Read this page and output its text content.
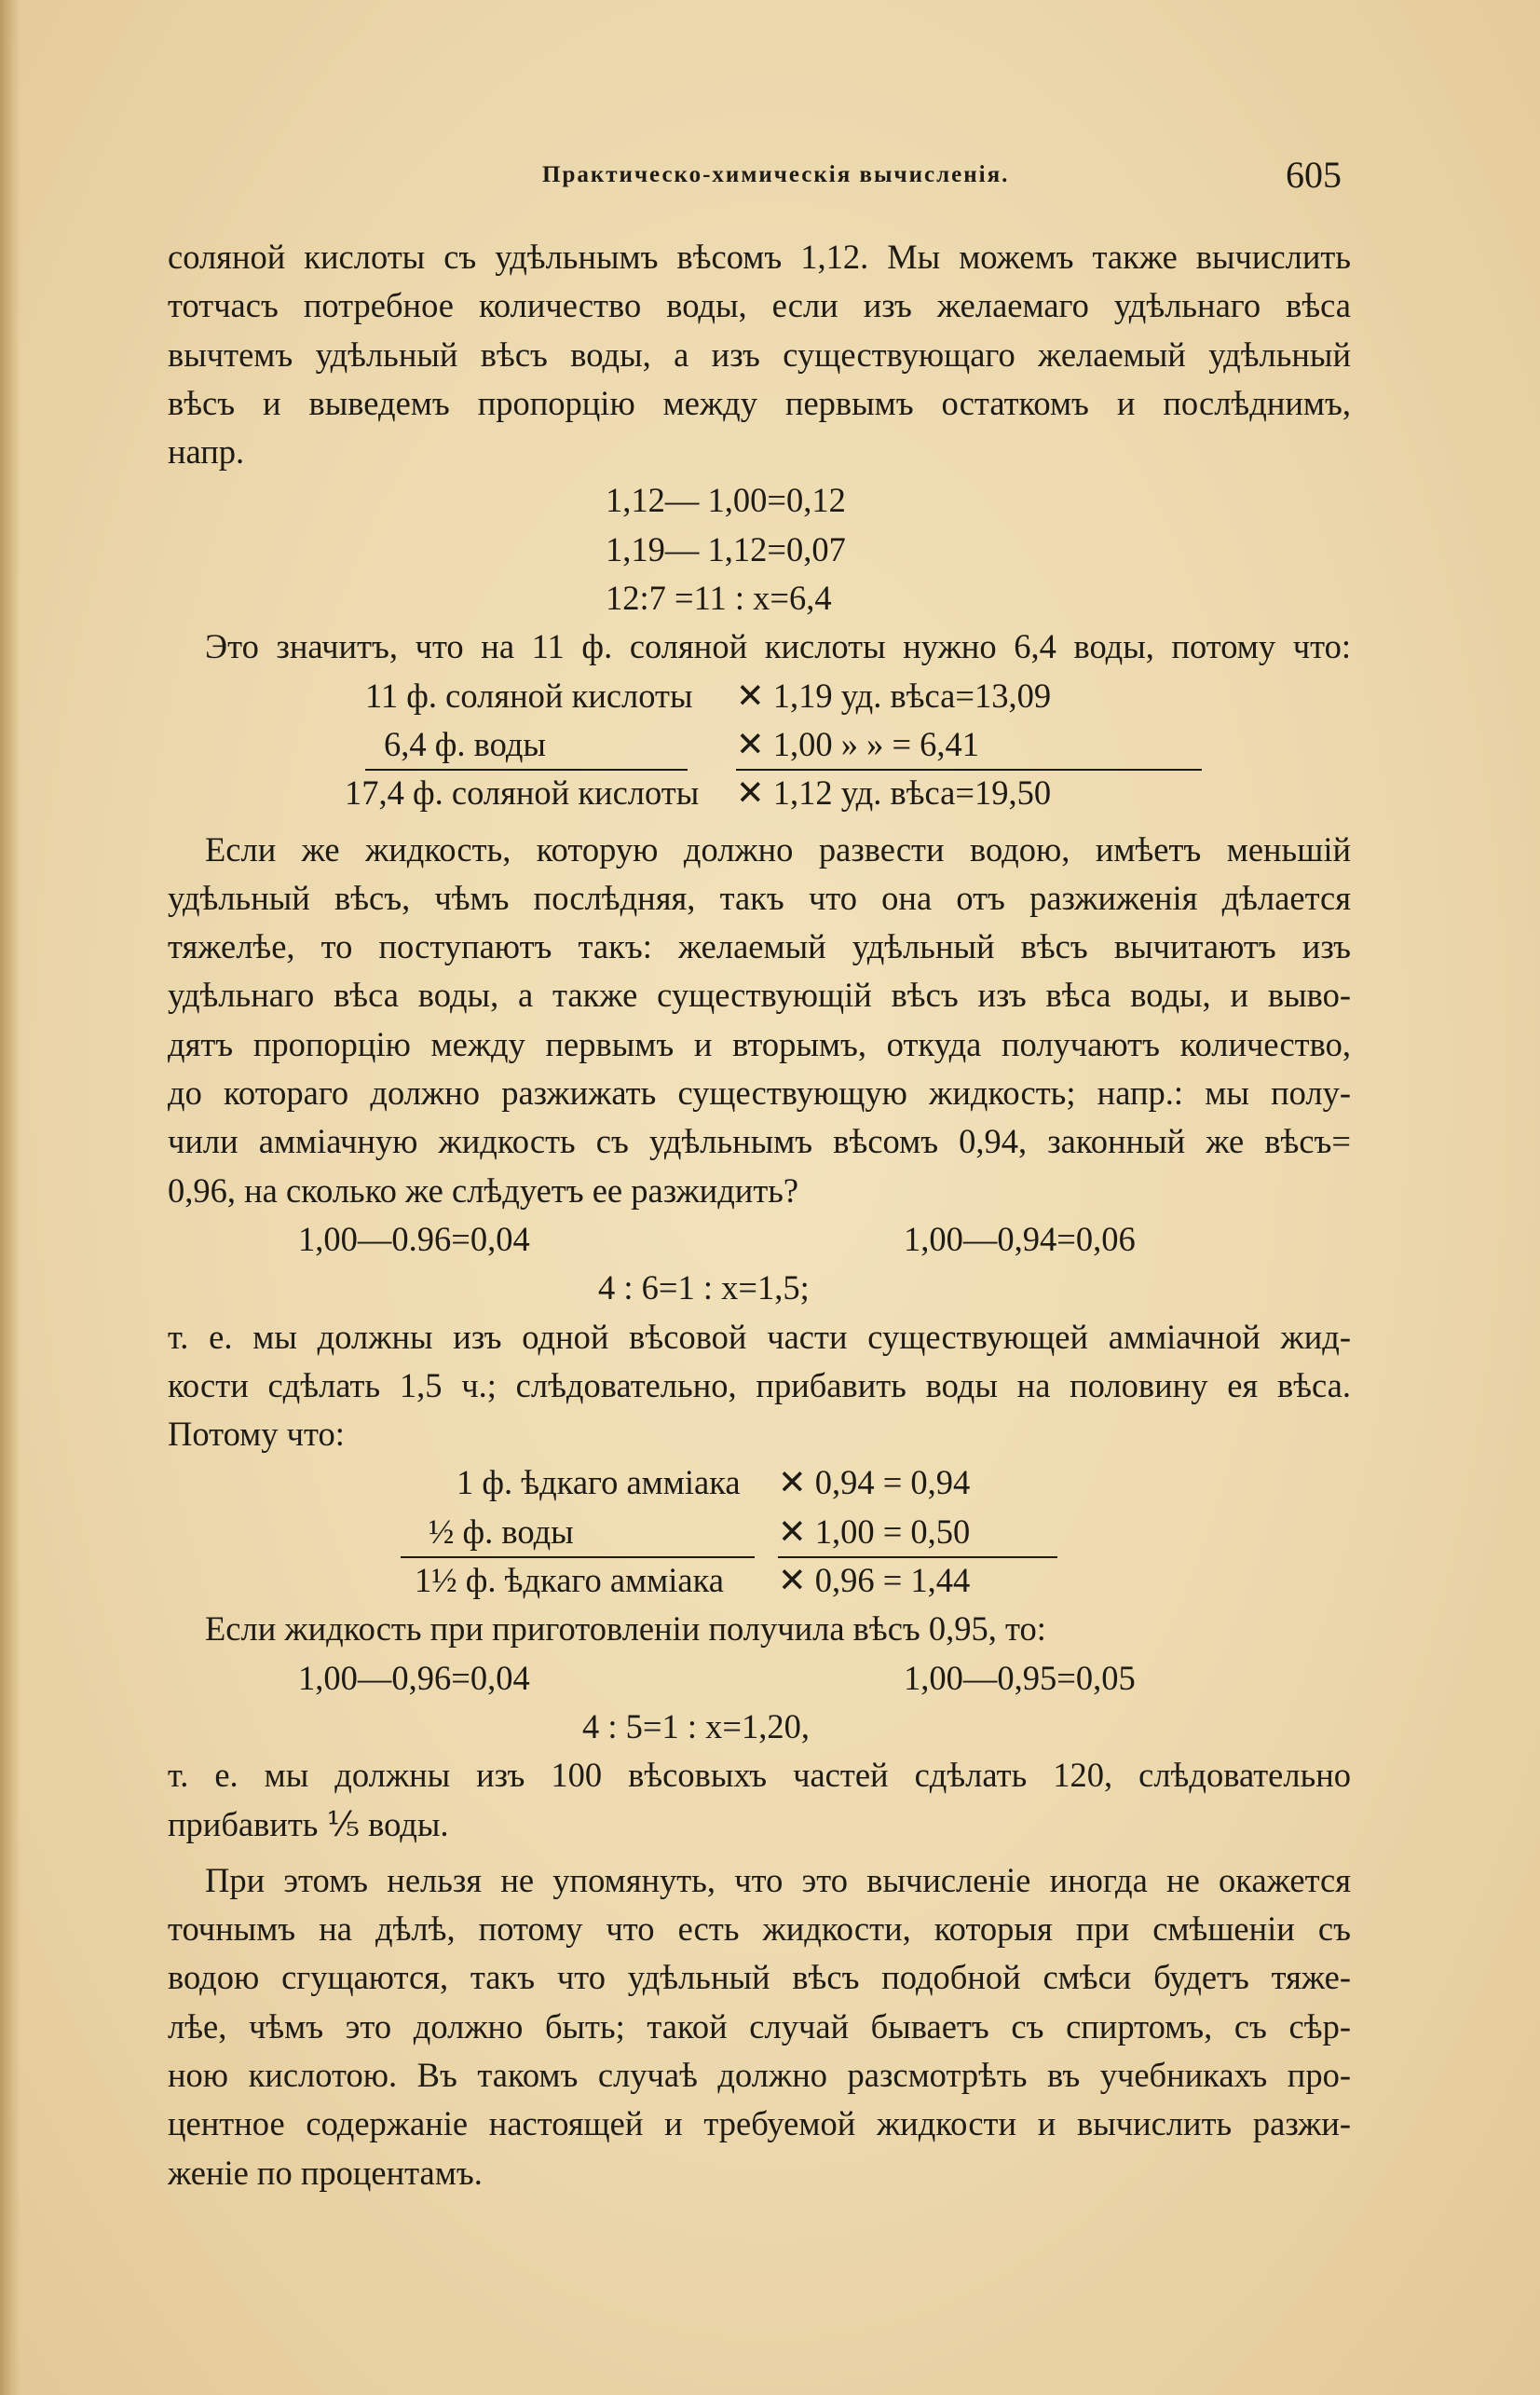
Практическо-химическія вычисленія.	605
соляной кислоты съ удѣльнымъ вѣсомъ 1,12. Мы можемъ также вычислить
тотчасъ потребное количество воды, если изъ желаемаго удѣльнаго вѣса
вычтемъ удѣльный вѣсъ воды, а изъ существующаго желаемый удѣльный
вѣсъ и выведемъ пропорцію между первымъ остаткомъ и послѣднимъ,
напр.
1,12— 1,00=0,12
1,19— 1,12=0,07
12:7 =11 : x=6,4
Это значитъ, что на 11 ф. соляной кислоты нужно 6,4 воды, потому что:
11 ф. соляной кислоты ✕ 1,19 уд. вѣса=13,09
6,4 ф. воды	✕ 1,00 » » = 6,41
17,4 ф. соляной кислоты ✕ 1,12 уд. вѣса=19,50
Если же жидкость, которую должно развести водою, имѣетъ меньшій
удѣльный вѣсъ, чѣмъ послѣдняя, такъ что она отъ разжиженія дѣлается
тяжелѣе, то поступаютъ такъ: желаемый удѣльный вѣсъ вычитаютъ изъ
удѣльнаго вѣса воды, а также существующій вѣсъ изъ вѣса воды, и выво-
дятъ пропорцію между первымъ и вторымъ, откуда получаютъ количество,
до котораго должно разжижать существующую жидкость; напр.: мы полу-
чили амміачную жидкость съ удѣльнымъ вѣсомъ 0,94, законный же вѣсъ=
0,96, на сколько же слѣдуетъ ее разжидить?
1,00—0.96=0,04	1,00—0,94=0,06
4 : 6=1 : x=1,5;
т. е. мы должны изъ одной вѣсовой части существующей амміачной жид-
кости сдѣлать 1,5 ч.; слѣдовательно, прибавить воды на половину ея вѣса.
Потому что:
1 ф. ѣдкаго амміака ✕ 0,94 = 0,94
½ ф. воды	✕ 1,00 = 0,50
1½ ф. ѣдкаго амміака ✕ 0,96 = 1,44
Если жидкость при приготовленіи получила вѣсъ 0,95, то:
1,00—0,96=0,04	1,00—0,95=0,05
4 : 5=1 : x=1,20,
т. е. мы должны изъ 100 вѣсовыхъ частей сдѣлать 120, слѣдовательно
прибавить ⅕ воды.
При этомъ нельзя не упомянуть, что это вычисленіе иногда не окажется
точнымъ на дѣлѣ, потому что есть жидкости, которыя при смѣшеніи съ
водою сгущаются, такъ что удѣльный вѣсъ подобной смѣси будетъ тяже-
лѣе, чѣмъ это должно быть; такой случай бываетъ съ спиртомъ, съ сѣр-
ною кислотою. Въ такомъ случаѣ должно разсмотрѣть въ учебникахъ про-
центное содержаніе настоящей и требуемой жидкости и вычислить разжи-
женіе по процентамъ.
